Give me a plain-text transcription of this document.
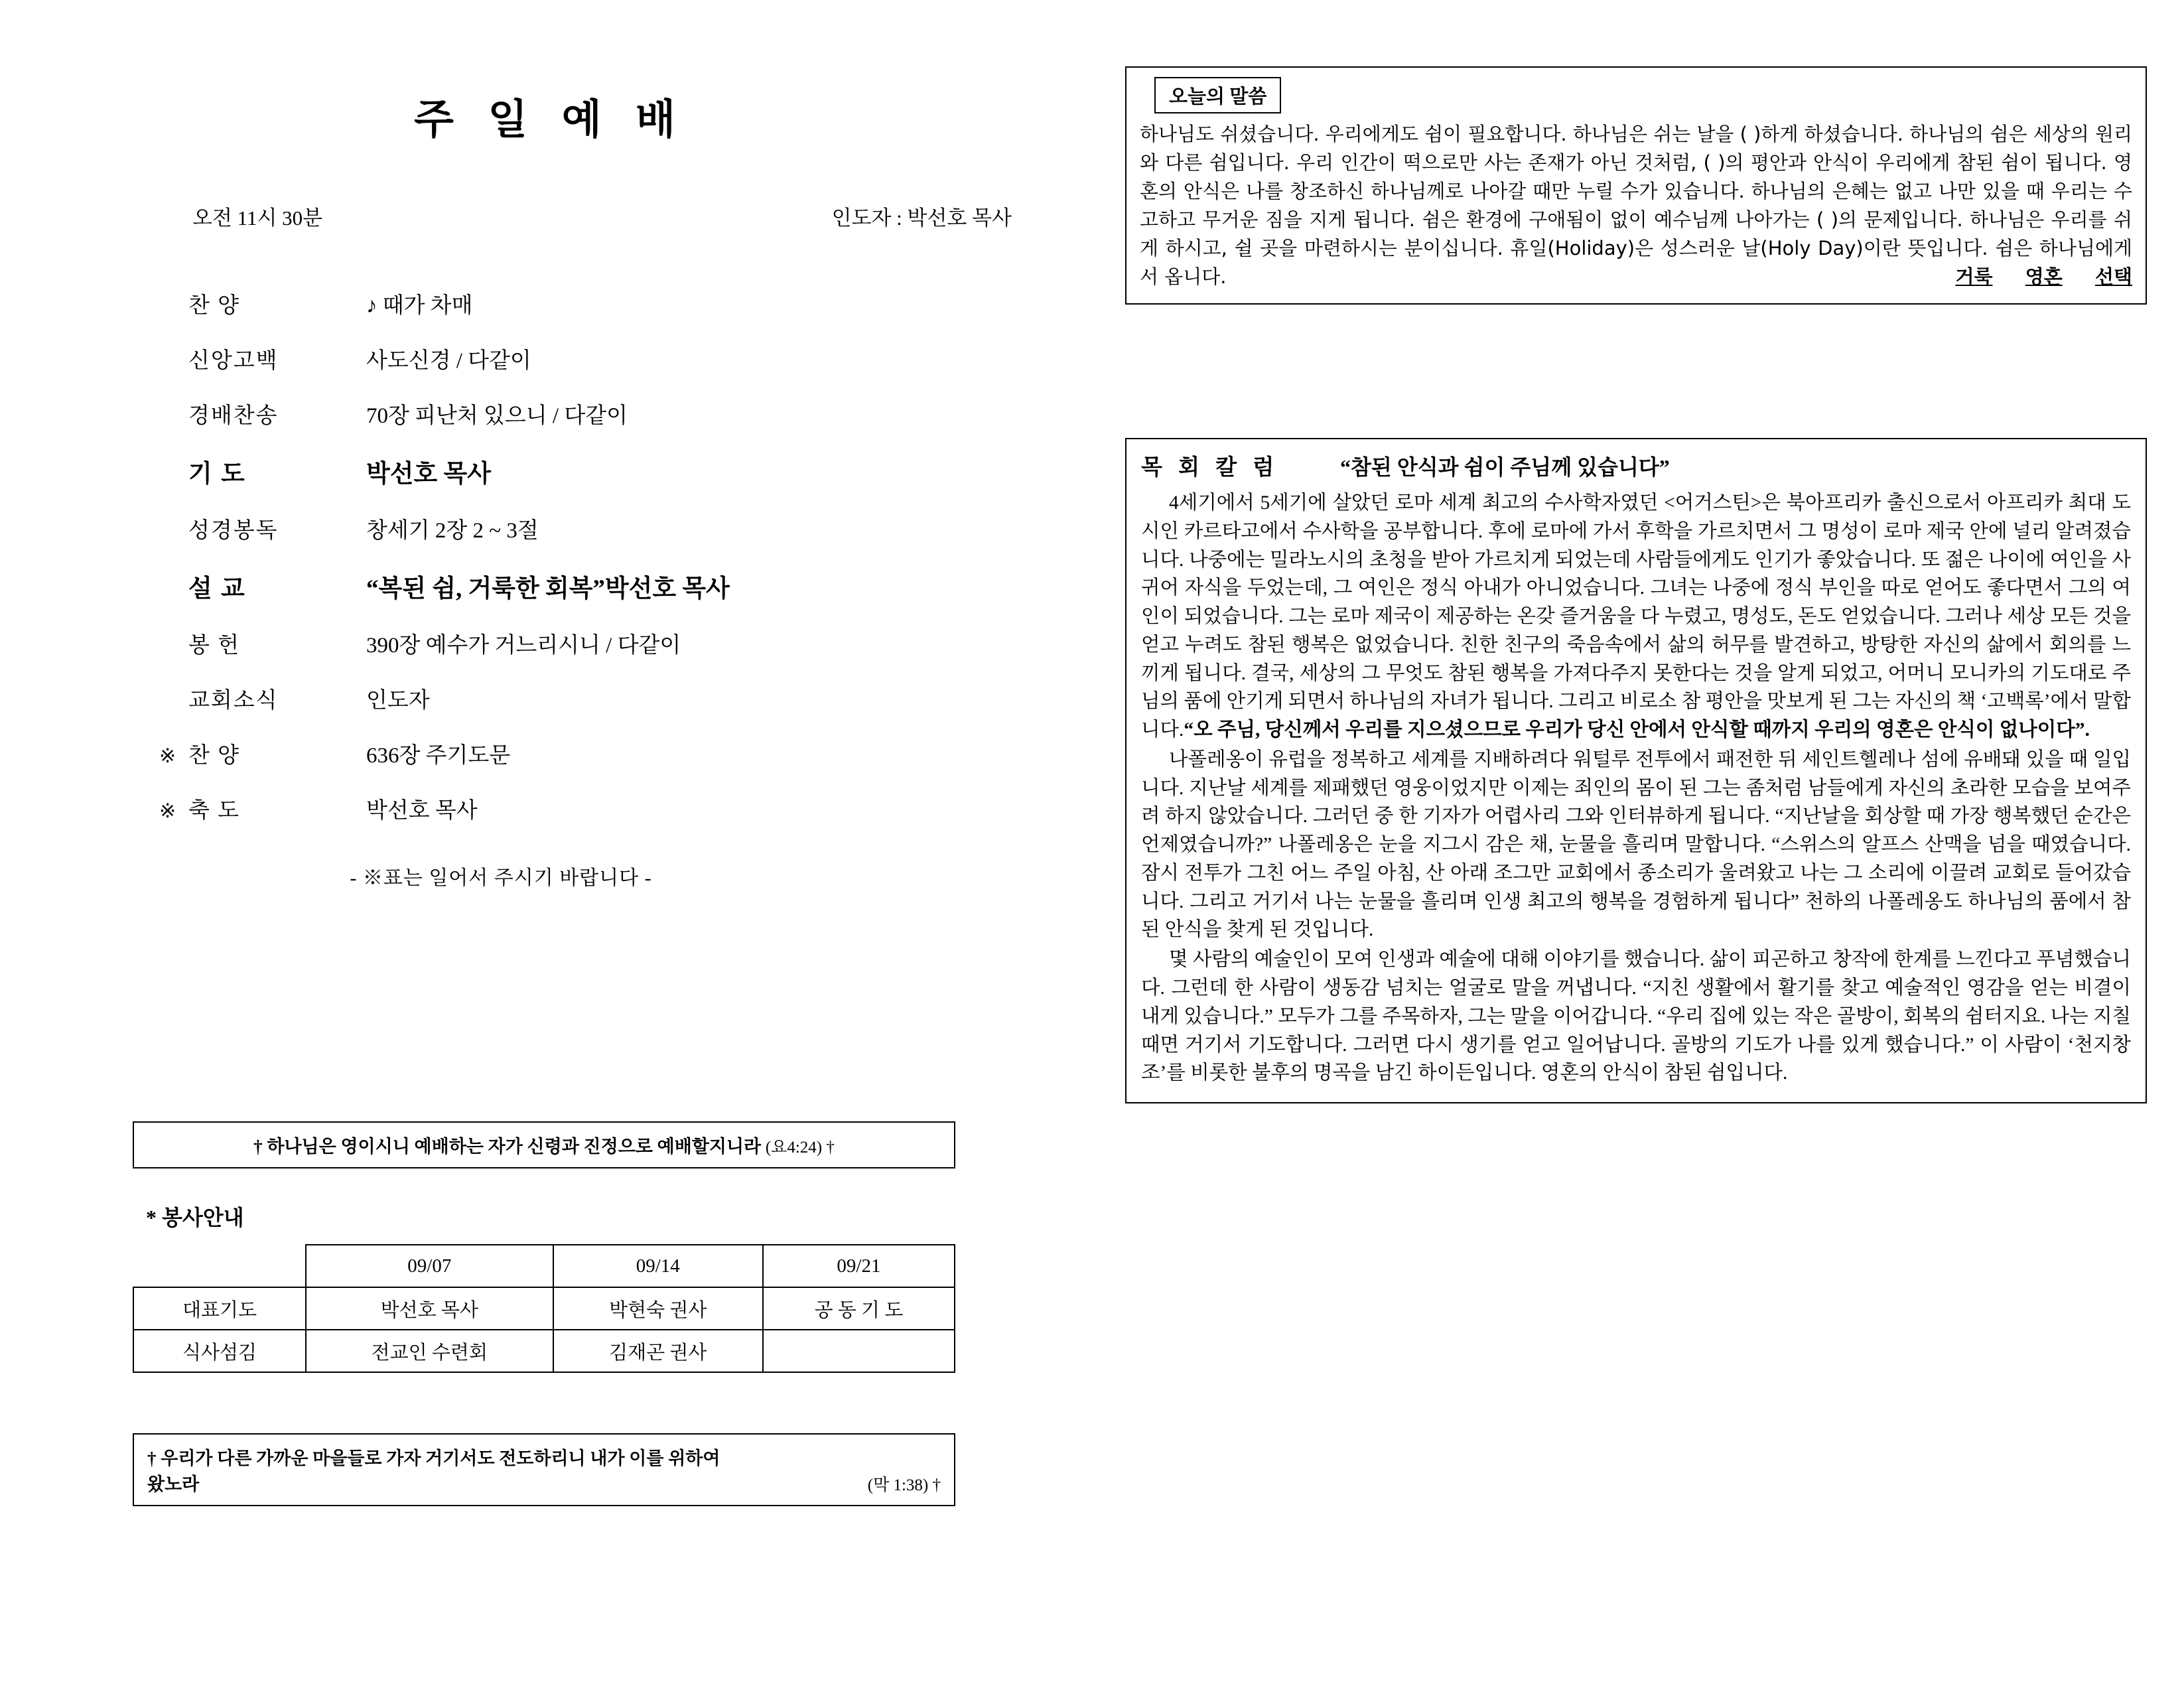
주 일 예 배
오전 11시 30분	인도자 : 박선호 목사
찬 양	♪ 때가 차매
신앙고백	사도신경 / 다같이
경배찬송	70장 피난처 있으니 / 다같이
기 도	박선호 목사
성경봉독	창세기 2장 2 ~ 3절
설 교	“복된 쉼, 거룩한 회복”박선호 목사
봉 헌	390장 예수가 거느리시니 / 다같이
교회소식	인도자
※ 찬 양	636장 주기도문
※ 축 도	박선호 목사
- ※표는 일어서 주시기 바랍니다 -
† 하나님은 영이시니 예배하는 자가 신령과 진정으로 예배할지니라 (요4:24) †
* 봉사안내
	09/07	09/14	09/21
대표기도	박선호 목사	박현숙 권사	공 동 기 도
식사섬김	전교인 수련회	김재곤 권사	
† 우리가 다른 가까운 마을들로 가자 거기서도 전도하리니 내가 이를 위하여
왔노라	(막 1:38) †
오늘의 말씀
하나님도 쉬셨습니다. 우리에게도 쉼이 필요합니다. 하나님은 쉬는 날을 ( )하게 하셨습니다. 하나님의 쉼은 세상의 원리와 다른 쉼입니다. 우리 인간이 떡으로만 사는 존재가 아닌 것처럼, ( )의 평안과 안식이 우리에게 참된 쉼이 됩니다. 영혼의 안식은 나를 창조하신 하나님께로 나아갈 때만 누릴 수가 있습니다. 하나님의 은혜는 없고 나만 있을 때 우리는 수고하고 무거운 짐을 지게 됩니다. 쉼은 환경에 구애됨이 없이 예수님께 나아가는 ( )의 문제입니다. 하나님은 우리를 쉬게 하시고, 쉴 곳을 마련하시는 분이십니다. 휴일(Holiday)은 성스러운 날(Holy Day)이란 뜻입니다. 쉼은 하나님에게서 옵니다.	거룩 영혼 선택
목 회 칼 럼	“참된 안식과 쉼이 주님께 있습니다”

4세기에서 5세기에 살았던 로마 세계 최고의 수사학자였던 <어거스틴>은 북아프리카 출신으로서 아프리카 최대 도시인 카르타고에서 수사학을 공부합니다. 후에 로마에 가서 후학을 가르치면서 그 명성이 로마 제국 안에 널리 알려졌습니다. 나중에는 밀라노시의 초청을 받아 가르치게 되었는데 사람들에게도 인기가 좋았습니다. 또 젊은 나이에 여인을 사귀어 자식을 두었는데, 그 여인은 정식 아내가 아니었습니다. 그녀는 나중에 정식 부인을 따로 얻어도 좋다면서 그의 여인이 되었습니다. 그는 로마 제국이 제공하는 온갖 즐거움을 다 누렸고, 명성도, 돈도 얻었습니다. 그러나 세상 모든 것을 얻고 누려도 참된 행복은 없었습니다. 친한 친구의 죽음속에서 삶의 허무를 발견하고, 방탕한 자신의 삶에서 회의를 느끼게 됩니다. 결국, 세상의 그 무엇도 참된 행복을 가져다주지 못한다는 것을 알게 되었고, 어머니 모니카의 기도대로 주님의 품에 안기게 되면서 하나님의 자녀가 됩니다. 그리고 비로소 참 평안을 맛보게 된 그는 자신의 책 ‘고백록’에서 말합니다.“오 주님, 당신께서 우리를 지으셨으므로 우리가 당신 안에서 안식할 때까지 우리의 영혼은 안식이 없나이다”.

나폴레옹이 유럽을 정복하고 세계를 지배하려다 워털루 전투에서 패전한 뒤 세인트헬레나 섬에 유배돼 있을 때 일입니다. 지난날 세계를 제패했던 영웅이었지만 이제는 죄인의 몸이 된 그는 좀처럼 남들에게 자신의 초라한 모습을 보여주려 하지 않았습니다. 그러던 중 한 기자가 어렵사리 그와 인터뷰하게 됩니다. “지난날을 회상할 때 가장 행복했던 순간은 언제였습니까?” 나폴레옹은 눈을 지그시 감은 채, 눈물을 흘리며 말합니다. “스위스의 알프스 산맥을 넘을 때였습니다. 잠시 전투가 그친 어느 주일 아침, 산 아래 조그만 교회에서 종소리가 울려왔고 나는 그 소리에 이끌려 교회로 들어갔습니다. 그리고 거기서 나는 눈물을 흘리며 인생 최고의 행복을 경험하게 됩니다” 천하의 나폴레옹도 하나님의 품에서 참된 안식을 찾게 된 것입니다.

몇 사람의 예술인이 모여 인생과 예술에 대해 이야기를 했습니다. 삶이 피곤하고 창작에 한계를 느낀다고 푸념했습니다. 그런데 한 사람이 생동감 넘치는 얼굴로 말을 꺼냅니다. “지친 생활에서 활기를 찾고 예술적인 영감을 얻는 비결이 내게 있습니다.” 모두가 그를 주목하자, 그는 말을 이어갑니다. “우리 집에 있는 작은 골방이, 회복의 쉼터지요. 나는 지칠 때면 거기서 기도합니다. 그러면 다시 생기를 얻고 일어납니다. 골방의 기도가 나를 있게 했습니다.” 이 사람이 ‘천지창조’를 비롯한 불후의 명곡을 남긴 하이든입니다. 영혼의 안식이 참된 쉼입니다.
